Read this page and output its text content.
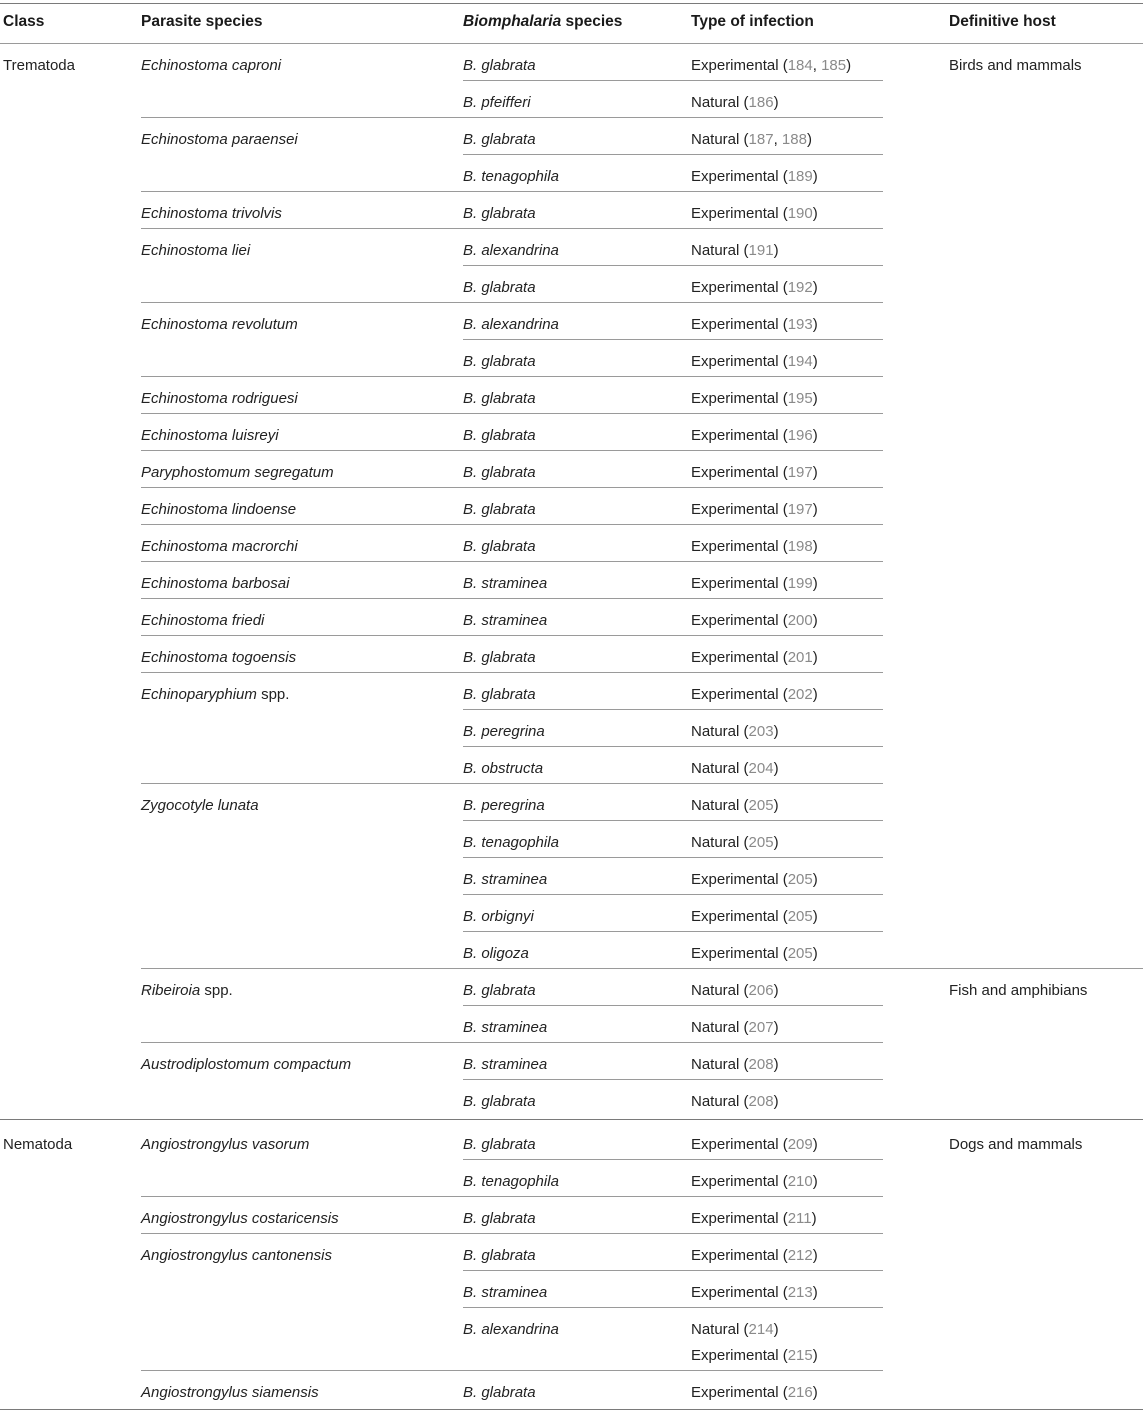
Class	Parasite species	Biomphalaria species	Type of infection	Definitive host
Trematoda	Echinostoma caproni	B. glabrata	Experimental (184, 185)	Birds and mammals
B. pfeifferi	Natural (186)
Echinostoma paraensei	B. glabrata	Natural (187, 188)
B. tenagophila	Experimental (189)
Echinostoma trivolvis	B. glabrata	Experimental (190)
Echinostoma liei	B. alexandrina	Natural (191)
B. glabrata	Experimental (192)
Echinostoma revolutum	B. alexandrina	Experimental (193)
B. glabrata	Experimental (194)
Echinostoma rodriguesi	B. glabrata	Experimental (195)
Echinostoma luisreyi	B. glabrata	Experimental (196)
Paryphostomum segregatum	B. glabrata	Experimental (197)
Echinostoma lindoense	B. glabrata	Experimental (197)
Echinostoma macrorchi	B. glabrata	Experimental (198)
Echinostoma barbosai	B. straminea	Experimental (199)
Echinostoma friedi	B. straminea	Experimental (200)
Echinostoma togoensis	B. glabrata	Experimental (201)
Echinoparyphium spp.	B. glabrata	Experimental (202)
B. peregrina	Natural (203)
B. obstructa	Natural (204)
Zygocotyle lunata	B. peregrina	Natural (205)
B. tenagophila	Natural (205)
B. straminea	Experimental (205)
B. orbignyi	Experimental (205)
B. oligoza	Experimental (205)
Ribeiroia spp.	B. glabrata	Natural (206)	Fish and amphibians
B. straminea	Natural (207)
Austrodiplostomum compactum	B. straminea	Natural (208)
B. glabrata	Natural (208)
Nematoda	Angiostrongylus vasorum	B. glabrata	Experimental (209)	Dogs and mammals
B. tenagophila	Experimental (210)
Angiostrongylus costaricensis	B. glabrata	Experimental (211)
Angiostrongylus cantonensis	B. glabrata	Experimental (212)
B. straminea	Experimental (213)
B. alexandrina	Natural (214)
Experimental (215)
Angiostrongylus siamensis	B. glabrata	Experimental (216)
